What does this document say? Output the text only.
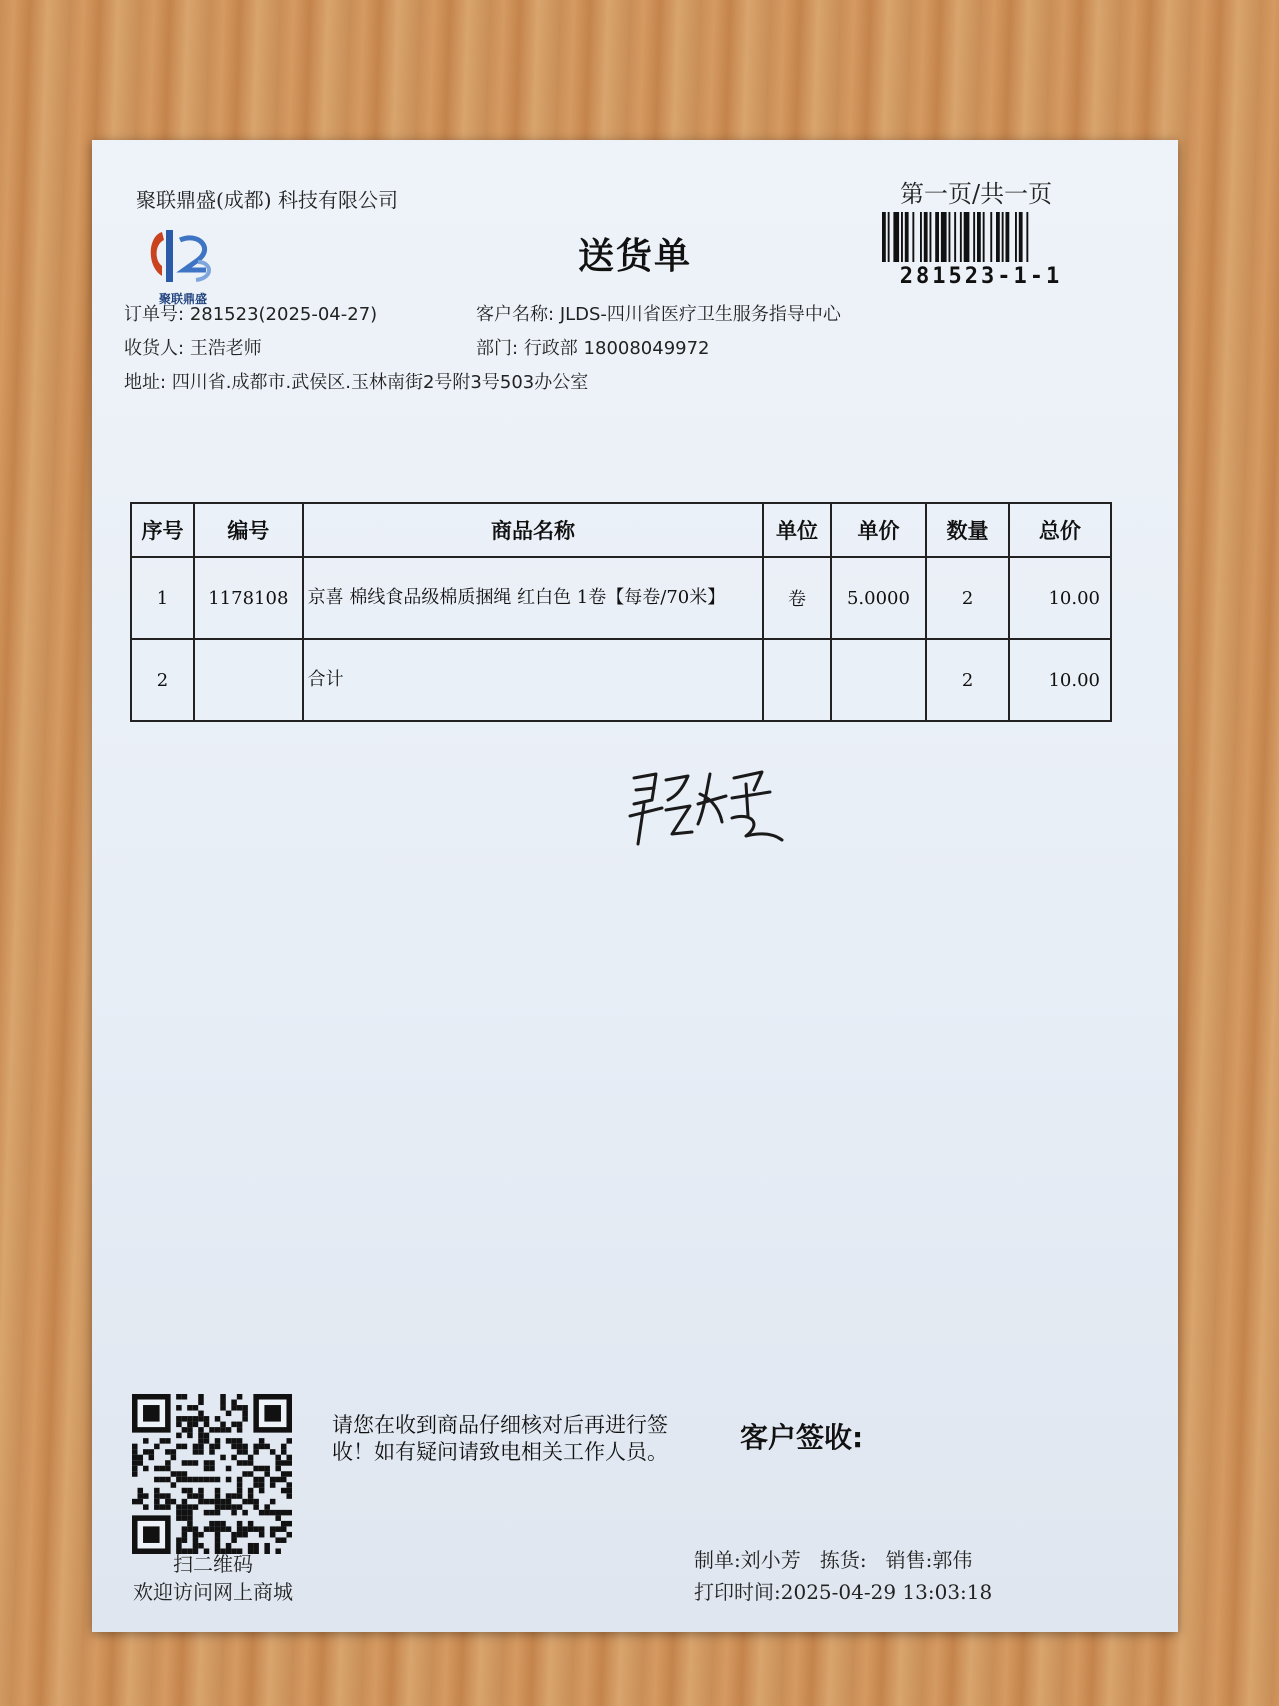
聚联鼎盛(成都) 科技有限公司	第一页/共一页
聚联鼎盛
送货单	281523-1-1
订单号: 281523(2025-04-27)	客户名称: JLDS-四川省医疗卫生服务指导中心
收货人: 王浩老师	部门: 行政部 18008049972
地址: 四川省.成都市.武侯区.玉林南街2号附3号503办公室
序号	编号	商品名称	单位	单价	数量	总价
1	1178108	京喜 棉线食品级棉质捆绳 红白色 1卷【每卷/70米】	卷	5.0000	2	10.00
2		合计			2	10.00
扫二维码
欢迎访问网上商城
请您在收到商品仔细核对后再进行签收！如有疑问请致电相关工作人员。	客户签收:
制单:刘小芳 拣货: 销售:郭伟
打印时间:2025-04-29 13:03:18
